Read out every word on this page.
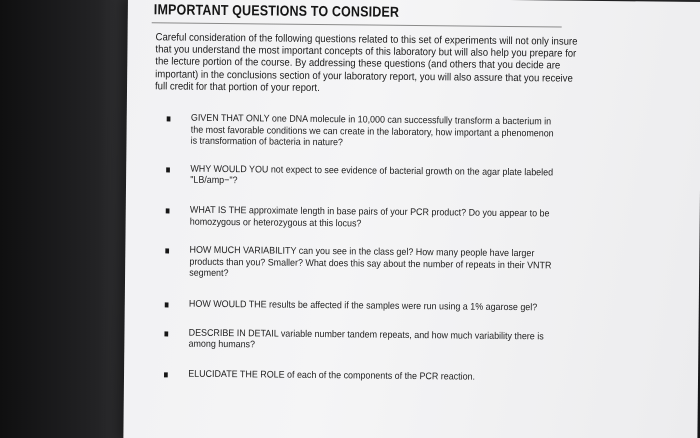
IMPORTANT QUESTIONS TO CONSIDER
Careful consideration of the following questions related to this set of experiments will not only insure that you understand the most important concepts of this laboratory but will also help you prepare for the lecture portion of the course. By addressing these questions (and others that you decide are important) in the conclusions section of your laboratory report, you will also assure that you receive full credit for that portion of your report.
GIVEN THAT ONLY one DNA molecule in 10,000 can successfully transform a bacterium in the most favorable conditions we can create in the laboratory, how important a phenomenon is transformation of bacteria in nature?
WHY WOULD YOU not expect to see evidence of bacterial growth on the agar plate labeled "LB/amp−"?
WHAT IS THE approximate length in base pairs of your PCR product? Do you appear to be homozygous or heterozygous at this locus?
HOW MUCH VARIABILITY can you see in the class gel? How many people have larger products than you? Smaller? What does this say about the number of repeats in their VNTR segment?
HOW WOULD THE results be affected if the samples were run using a 1% agarose gel?
DESCRIBE IN DETAIL variable number tandem repeats, and how much variability there is among humans?
ELUCIDATE THE ROLE of each of the components of the PCR reaction.
